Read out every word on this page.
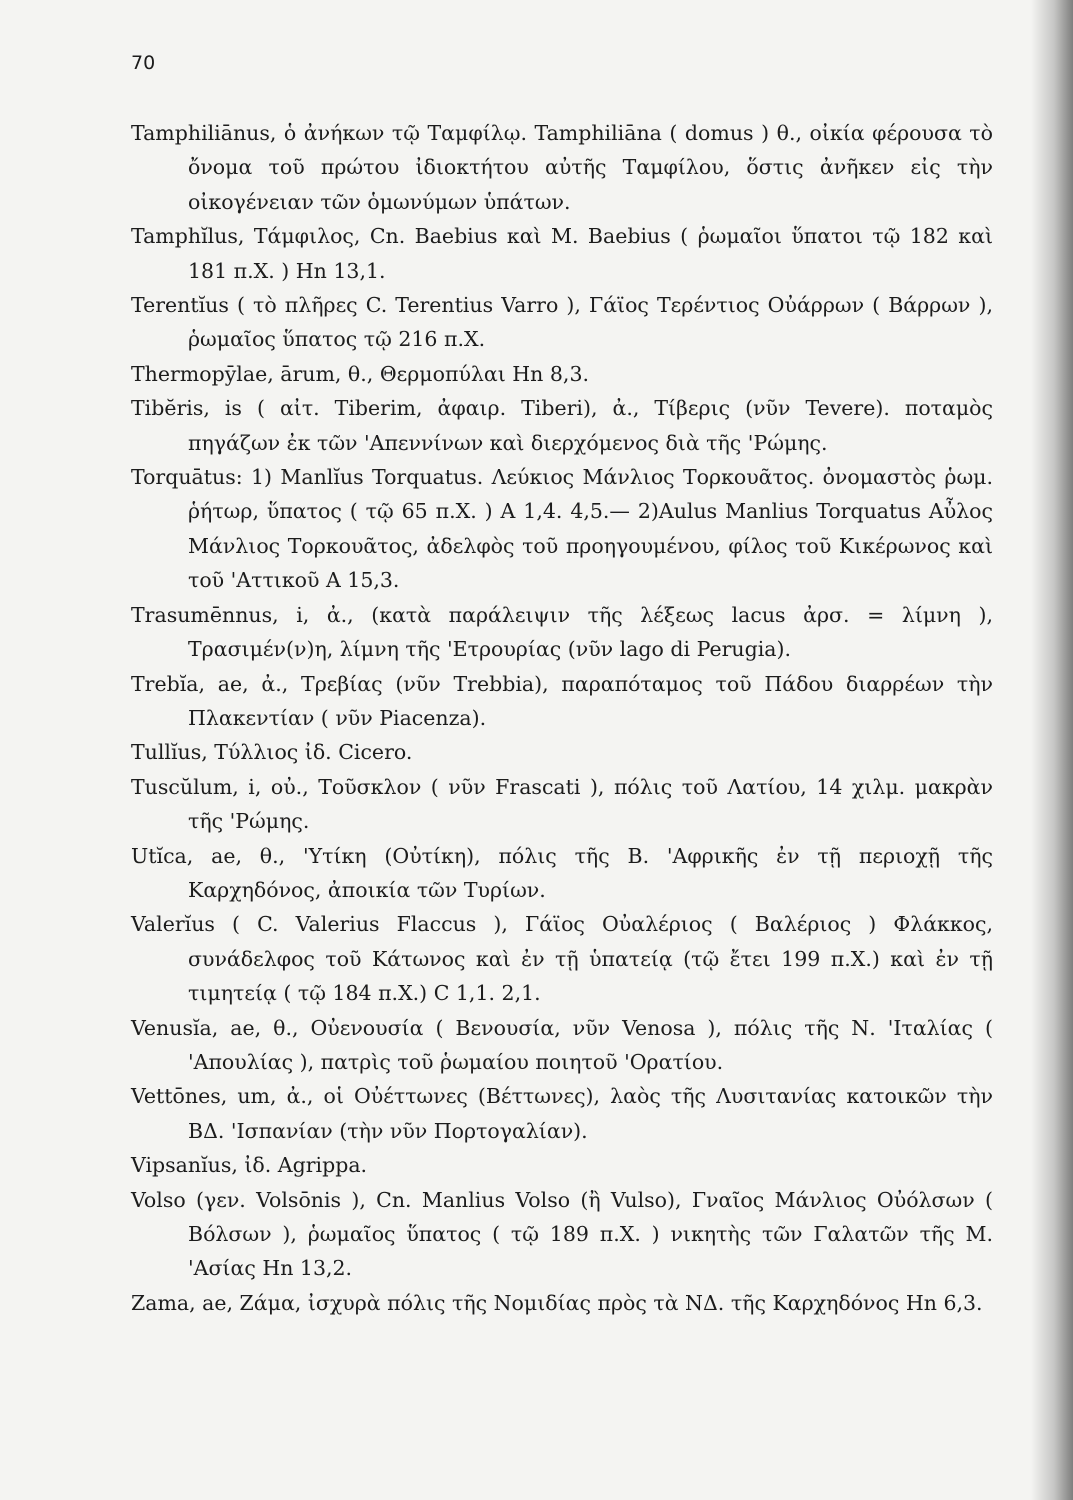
70

Tamphiliānus, ὁ ἀνήκων τῷ Ταμφίλῳ. Tamphiliāna ( domus ) θ., οἰκία φέρουσα τὸ ὄνομα τοῦ πρώτου ἰδιοκτήτου αὐτῆς Ταμφίλου, ὅστις ἀνῆκεν εἰς τὴν οἰκογένειαν τῶν ὁμωνύμων ὑπάτων.

Tamphĭlus, Τάμφιλος, Cn. Baebius καὶ M. Baebius ( ῥωμαῖοι ὕπατοι τῷ 182 καὶ 181 π.Χ. ) Hn 13,1.

Terentĭus ( τὸ πλῆρες C. Terentius Varro ), Γάϊος Τερέντιος Οὐάρρων ( Βάρρων ), ῥωμαῖος ὕπατος τῷ 216 π.Χ.

Thermopȳlae, ārum, θ., Θερμοπύλαι Hn 8,3.

Tibĕris, is ( αἰτ. Tiberim, ἀφαιρ. Tiberi), ἀ., Τίβερις (νῦν Tevere). ποταμὸς πηγάζων ἐκ τῶν 'Απεννίνων καὶ διερχόμενος διὰ τῆς 'Ρώμης.

Torquātus: 1) Manlĭus Torquatus. Λεύκιος Μάνλιος Τορκουᾶτος. ὀνομαστὸς ῥωμ. ῥήτωρ, ὕπατος ( τῷ 65 π.Χ. ) A 1,4. 4,5.— 2)Aulus Manlius Torquatus Αὖλος Μάνλιος Τορκουᾶτος, ἀδελφὸς τοῦ προηγουμένου, φίλος τοῦ Κικέρωνος καὶ τοῦ 'Αττικοῦ A 15,3.

Trasumēnnus, i, ἀ., (κατὰ παράλειψιν τῆς λέξεως lacus ἀρσ. = λίμνη ), Τρασιμέν(ν)η, λίμνη τῆς 'Ετρουρίας (νῦν lago di Perugia).

Trebĭa, ae, ἀ., Τρεβίας (νῦν Trebbia), παραπόταμος τοῦ Πάδου διαρρέων τὴν Πλακεντίαν ( νῦν Piacenza).

Tullĭus, Τύλλιος ἰδ. Cicero.

Tuscŭlum, i, οὐ., Τοῦσκλον ( νῦν Frascati ), πόλις τοῦ Λατίου, 14 χιλμ. μακρὰν τῆς 'Ρώμης.

Utĭca, ae, θ., 'Υτίκη (Οὐτίκη), πόλις τῆς Β. 'Αφρικῆς ἐν τῇ περιοχῇ τῆς Καρχηδόνος, ἀποικία τῶν Τυρίων.

Valerĭus ( C. Valerius Flaccus ), Γάϊος Οὐαλέριος ( Βαλέριος ) Φλάκκος, συνάδελφος τοῦ Κάτωνος καὶ ἐν τῇ ὑπατείᾳ (τῷ ἔτει 199 π.Χ.) καὶ ἐν τῇ τιμητείᾳ ( τῷ 184 π.Χ.) C 1,1. 2,1.

Venusĭa, ae, θ., Οὐενουσία ( Βενουσία, νῦν Venosa ), πόλις τῆς Ν. 'Ιταλίας ( 'Απουλίας ), πατρὶς τοῦ ῥωμαίου ποιητοῦ 'Ορατίου.

Vettōnes, um, ἀ., οἱ Οὐέττωνες (Βέττωνες), λαὸς τῆς Λυσιτανίας κατοικῶν τὴν ΒΔ. 'Ισπανίαν (τὴν νῦν Πορτογαλίαν).

Vipsanĭus, ἰδ. Agrippa.

Volso (γεν. Volsōnis ), Cn. Manlius Volso (ἢ Vulso), Γναῖος Μάνλιος Οὐόλσων ( Βόλσων ), ῥωμαῖος ὕπατος ( τῷ 189 π.Χ. ) νικητὴς τῶν Γαλατῶν τῆς Μ. 'Ασίας Hn 13,2.

Zama, ae, Ζάμα, ἰσχυρὰ πόλις τῆς Νομιδίας πρὸς τὰ ΝΔ. τῆς Καρχηδόνος Hn 6,3.
